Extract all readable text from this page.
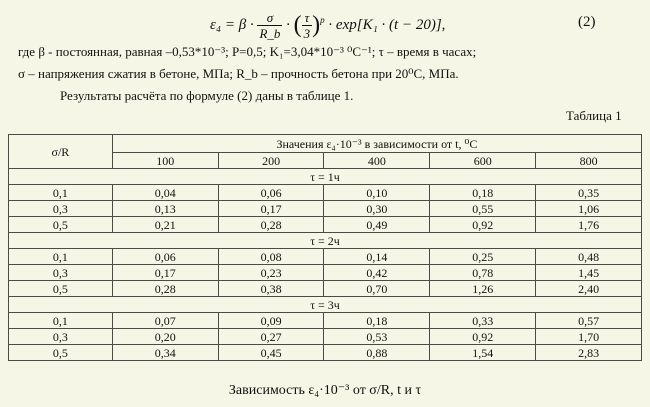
$\varepsilon_4 = \beta \cdot \frac{\sigma}{R\_b}$ · ( $\frac{\tau}{3} )^p \cdot \exp[K_1 \cdot (t - 20)]$,	(2)
где β - постоянная, равная –0,53*10⁻³; P=0,5; K₁=3,04*10⁻³ ⁰C⁻¹; τ – время в часах;
σ – напряжения сжатия в бетоне, МПа; R_b – прочность бетона при 20⁰С, МПа.
Результаты расчёта по формуле (2) даны в таблице 1.
Таблица 1
σ/R	Значения ε₄·10⁻³ в зависимости от t, ⁰C				
	100	200	400	600	800
τ = 1ч					
0,1	0,04	0,06	0,10	0,18	0,35
0,3	0,13	0,17	0,30	0,55	1,06
0,5	0,21	0,28	0,49	0,92	1,76
τ = 2ч					
0,1	0,06	0,08	0,14	0,25	0,48
0,3	0,17	0,23	0,42	0,78	1,45
0,5	0,28	0,38	0,70	1,26	2,40
τ = 3ч					
0,1	0,07	0,09	0,18	0,33	0,57
0,3	0,20	0,27	0,53	0,92	1,70
0,5	0,34	0,45	0,88	1,54	2,83
Зависимость ε₄·10⁻³ от σ/R, t и τ
